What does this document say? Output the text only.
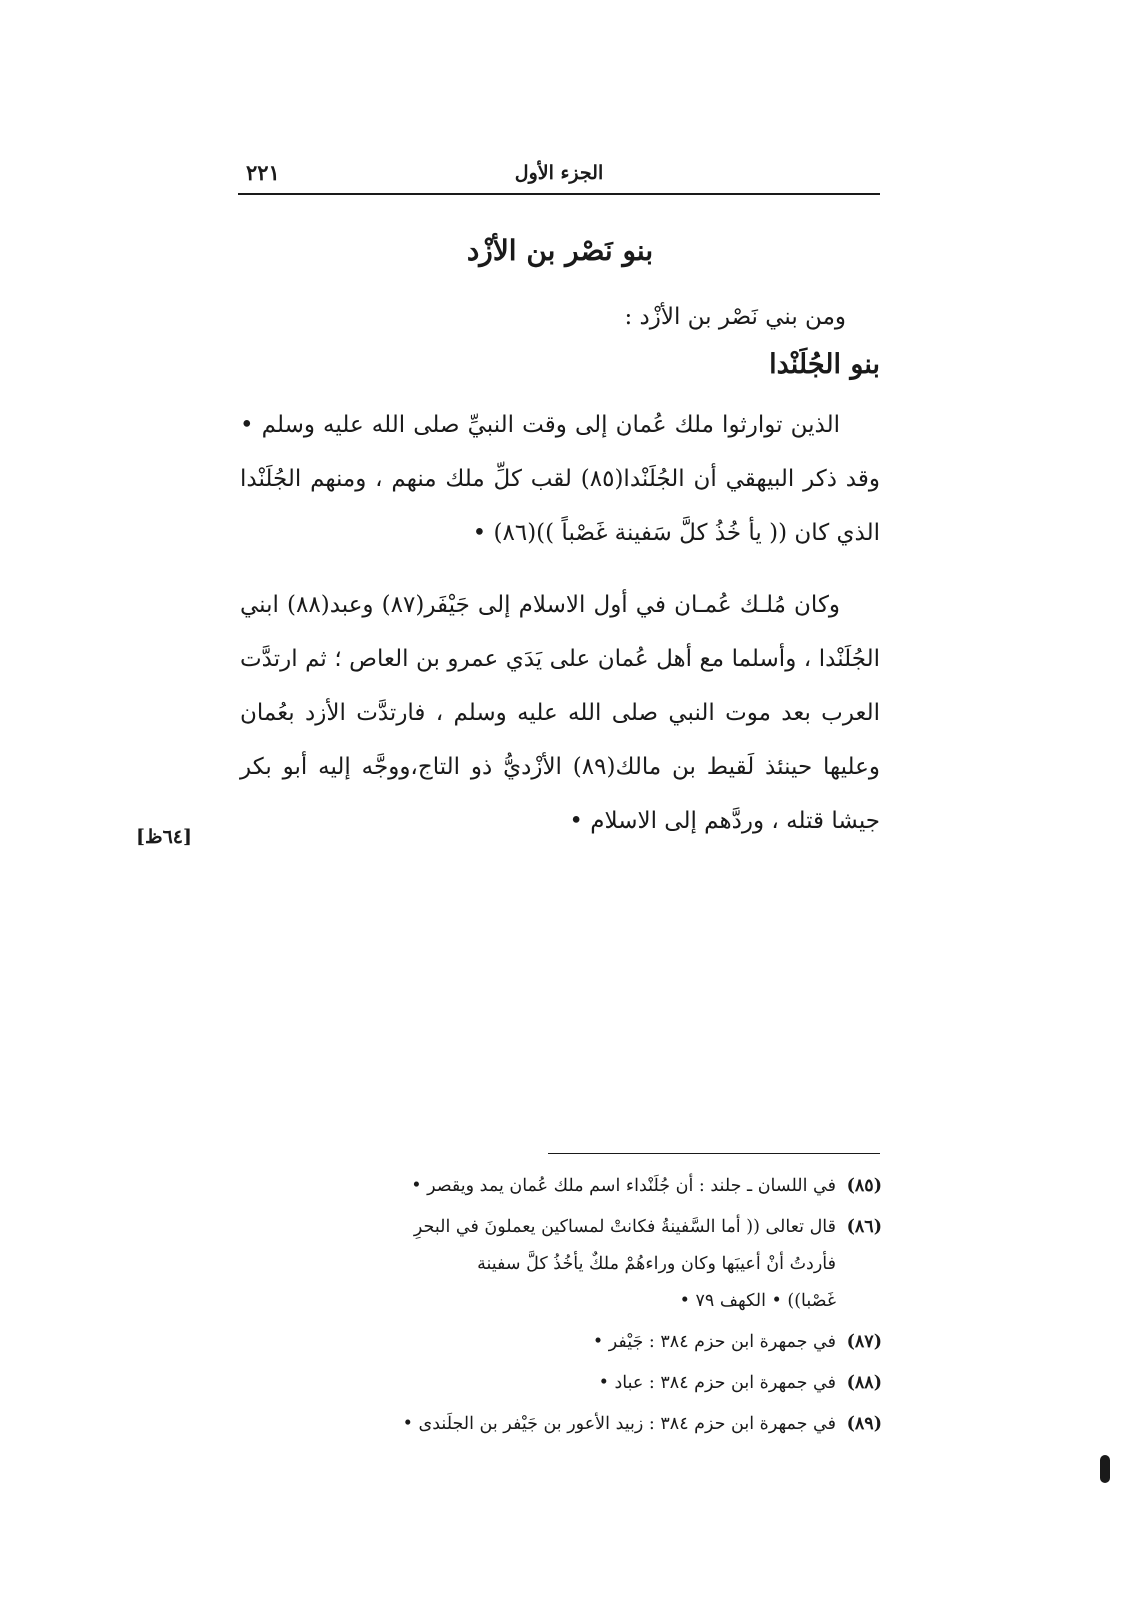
الجزء الأول
٢٢١
بنو نَصْر بن الأزْد
ومن بني نَصْر بن الأزْد :
بنو الجُلَنْدا

الذين توارثوا ملك عُمان إلى وقت النبيِّ صلى الله عليه وسلم • وقد ذكر البيهقي أن الجُلَنْدا(٨٥) لقب كلِّ ملك منهم ، ومنهم الجُلَنْدا الذي كان (( يأ خُذُ كلَّ سَفينة غَصْباً ))(٨٦) •

وكان مُلـك عُمـان في أول الاسلام إلى جَيْفَر(٨٧) وعبد(٨٨) ابني الجُلَنْدا ، وأسلما مع أهل عُمان على يَدَي عمرو بن العاص ؛ ثم ارتدَّت العرب بعد موت النبي صلى الله عليه وسلم ، فارتدَّت الأزد بعُمان وعليها حينئذ لَقيط بن مالك(٨٩) الأزْديُّ ذو التاج،ووجَّه إليه أبو بكر جيشا قتله ، وردَّهم إلى الاسلام •

[٦٤ظ]
(٨٥)
في اللسان ـ جلند : أن جُلَنْداء اسم ملك عُمان يمد ويقصر •
(٨٦)
قال تعالى (( أما السَّفينةُ فكانتْ لمساكين يعملونَ في البحرِ
فأردتُ أنْ أعيبَها وكان وراءهُمْ ملكٌ يأخُذُ كلَّ سفينة
غَصْبا)) • الكهف ٧٩ •
(٨٧)
في جمهرة ابن حزم ٣٨٤ : جَيْفر •
(٨٨)
في جمهرة ابن حزم ٣٨٤ : عباد •
(٨٩)
في جمهرة ابن حزم ٣٨٤ : زبيد الأعور بن جَيْفر بن الجلَندى •
